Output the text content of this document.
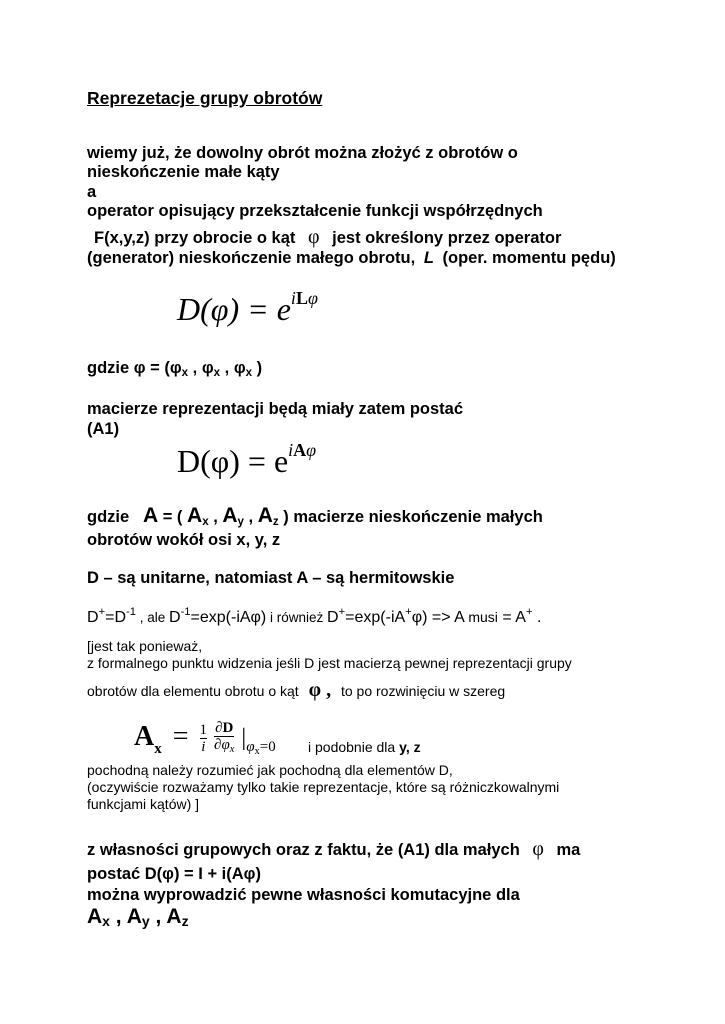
Reprezetacje grupy obrotów
wiemy już, że dowolny obrót można złożyć z obrotów o
nieskończenie małe kąty
a
operator opisujący przekształcenie funkcji współrzędnych
F(x,y,z) przy obrocie o kąt φ jest określony przez operator
(generator) nieskończenie małego obrotu, L (oper. momentu pędu)
$D(\varphi) = e^{iL\varphi}$
gdzie $\varphi = (\varphi_x$ , $\varphi_x$ , $\varphi_x$ )
macierze reprezentacji będą miały zatem postać
(A1)
$D(\varphi) = e^{iA\varphi}$
gdzie A = ( $A_x$ , $A_y$ , $A_z$ ) macierze nieskończenie małych
obrotów wokół osi x, y, z
D – są unitarne, natomiast A – są hermitowskie
$D^+=D^{-1}$ , ale $D^{-1}=\exp(-iA\varphi)$ i również D+=exp(-iA+φ) => A musi = A+ .
[jest tak ponieważ,
z formalnego punktu widzenia jeśli D jest macierzą pewnej reprezentacji grupy
obrotów dla elementu obrotu o kąt φ , to po rozwinięciu w szereg
$A_x = \frac{1}{i}$
$\frac{\partial D}{\partial\varphi_x} |_{\varphi_x=0}$ i podobnie dla y, z
pochodną należy rozumieć jak pochodną dla elementów D,
(oczywiście rozważamy tylko takie reprezentacje, które są różniczkowalnymi
funkcjami kątów) ]
z własności grupowych oraz z faktu, że (A1) dla małych φ ma
postać D(φ) = I + i(Aφ)
można wyprowadzić pewne własności komutacyjne dla
$A_x$ , $A_y$ , $A_z$
